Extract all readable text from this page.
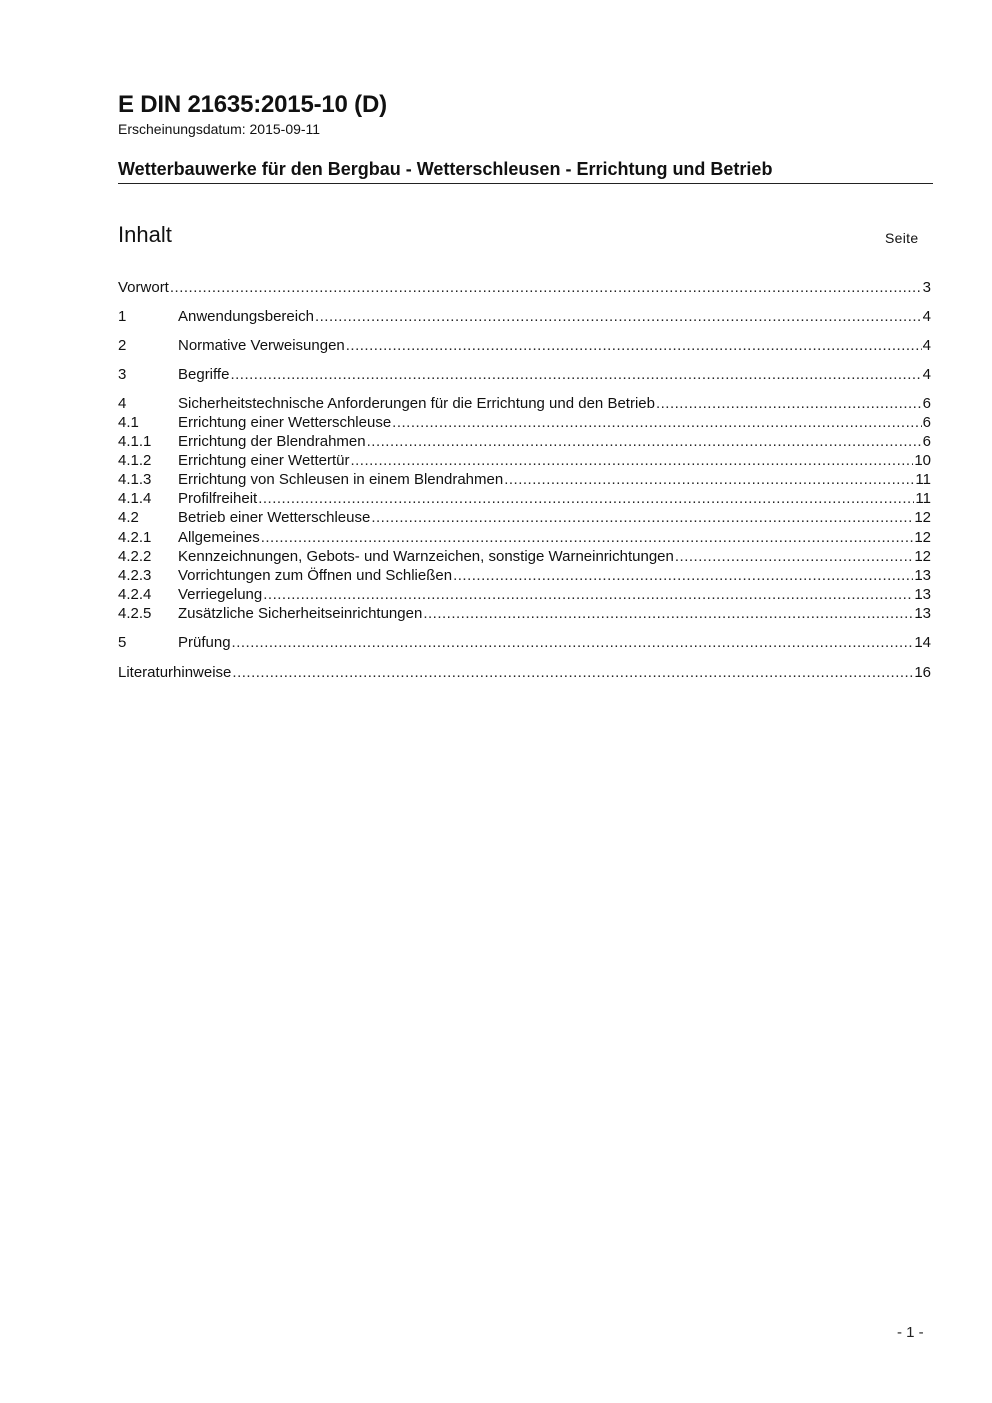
E DIN 21635:2015-10 (D)
Erscheinungsdatum: 2015-09-11
Wetterbauwerke für den Bergbau - Wetterschleusen - Errichtung und Betrieb
Inhalt	Seite
Vorwort .....	3
1	Anwendungsbereich .....	4
2	Normative Verweisungen .....	4
3	Begriffe .....	4
4	Sicherheitstechnische Anforderungen für die Errichtung und den Betrieb .....	6
4.1	Errichtung einer Wetterschleuse .....	6
4.1.1	Errichtung der Blendrahmen .....	6
4.1.2	Errichtung einer Wettertür .....	10
4.1.3	Errichtung von Schleusen in einem Blendrahmen .....	11
4.1.4	Profilfreiheit .....	11
4.2	Betrieb einer Wetterschleuse .....	12
4.2.1	Allgemeines .....	12
4.2.2	Kennzeichnungen, Gebots- und Warnzeichen, sonstige Warneinrichtungen .....	12
4.2.3	Vorrichtungen zum Öffnen und Schließen .....	13
4.2.4	Verriegelung .....	13
4.2.5	Zusätzliche Sicherheitseinrichtungen .....	13
5	Prüfung .....	14
Literaturhinweise .....	16
- 1 -
